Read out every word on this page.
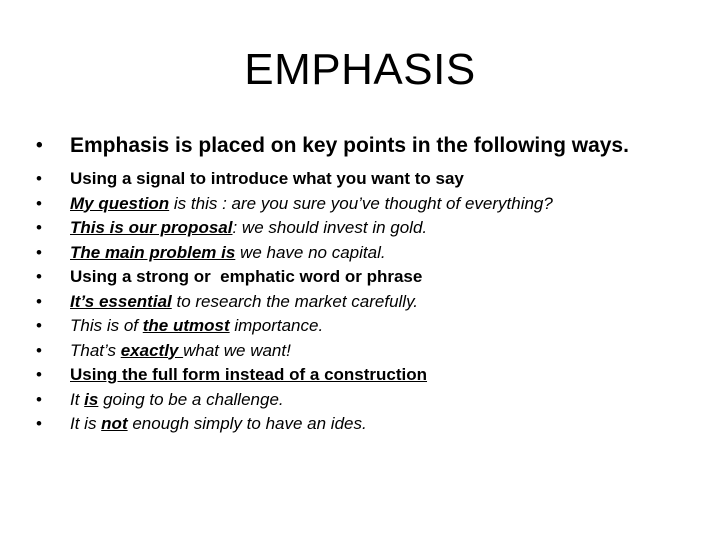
EMPHASIS
• Emphasis is placed on key points in the following ways.
• Using a signal to introduce what you want to say
• My question is this : are you sure you’ve thought of everything?
• This is our proposal: we should invest in gold.
• The main problem is we have no capital.
• Using a strong or  emphatic word or phrase
• It’s essential to research the market carefully.
• This is of the utmost importance.
• That’s exactly what we want!
• Using the full form instead of a construction
• It is going to be a challenge.
• It is not enough simply to have an ides.
